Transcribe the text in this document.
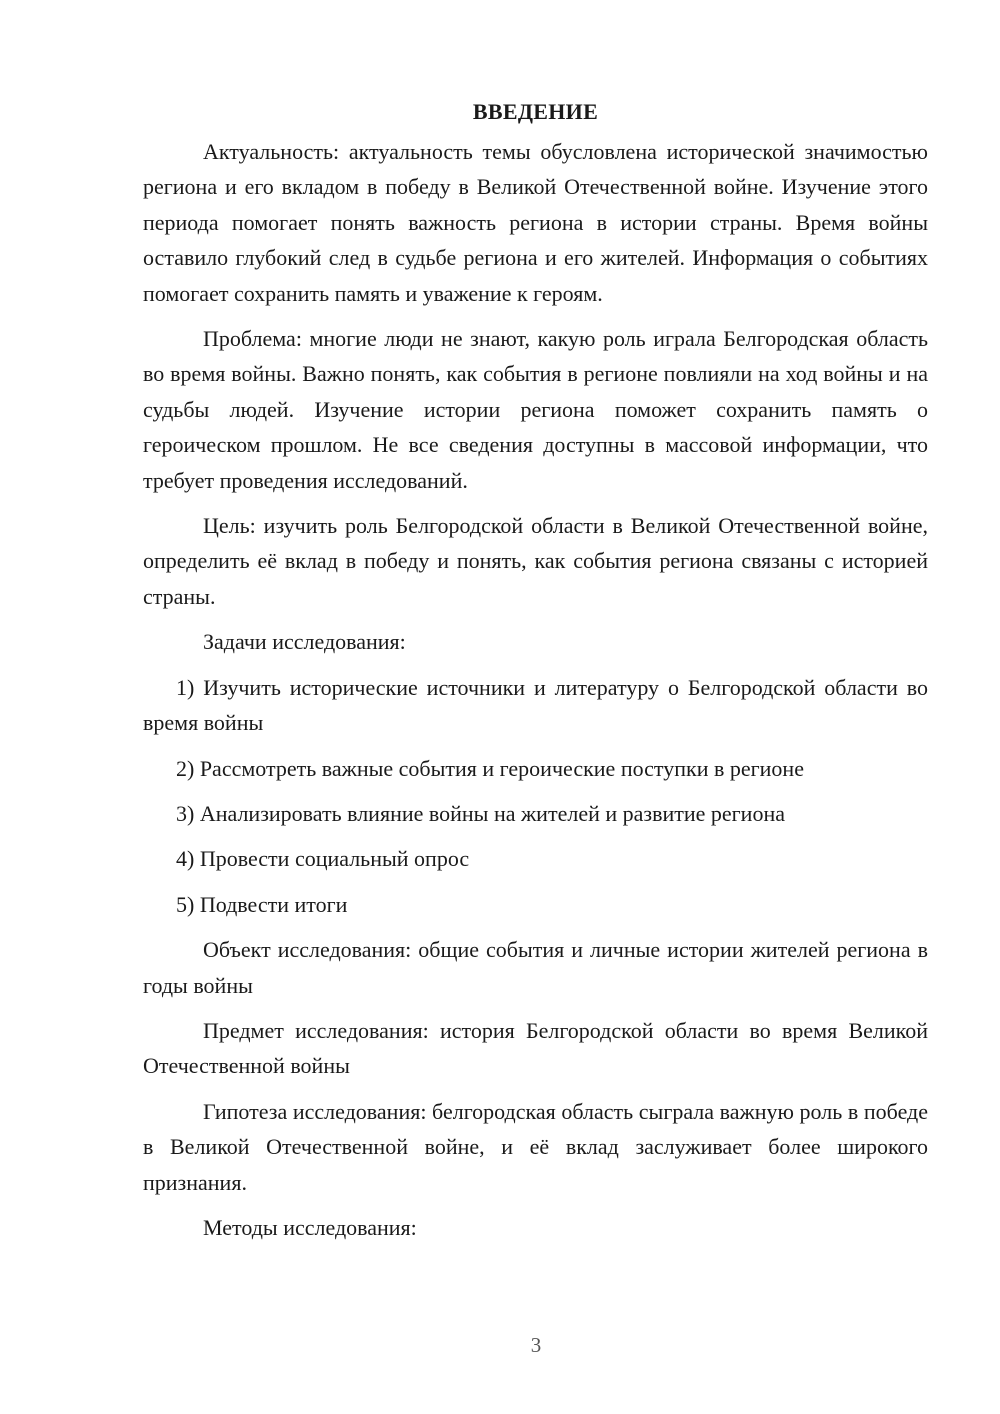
ВВЕДЕНИЕ

Актуальность: актуальность темы обусловлена исторической значимостью региона и его вкладом в победу в Великой Отечественной войне. Изучение этого периода помогает понять важность региона в истории страны. Время войны оставило глубокий след в судьбе региона и его жителей. Информация о событиях помогает сохранить память и уважение к героям.

Проблема: многие люди не знают, какую роль играла Белгородская область во время войны. Важно понять, как события в регионе повлияли на ход войны и на судьбы людей. Изучение истории региона поможет сохранить память о героическом прошлом. Не все сведения доступны в массовой информации, что требует проведения исследований.

Цель: изучить роль Белгородской области в Великой Отечественной войне, определить её вклад в победу и понять, как события региона связаны с историей страны.

Задачи исследования:

1) Изучить исторические источники и литературу о Белгородской области во время войны

2) Рассмотреть важные события и героические поступки в регионе

3) Анализировать влияние войны на жителей и развитие региона

4) Провести социальный опрос

5) Подвести итоги

Объект исследования: общие события и личные истории жителей региона в годы войны

Предмет исследования: история Белгородской области во время Великой Отечественной войны

Гипотеза исследования: белгородская область сыграла важную роль в победе в Великой Отечественной войне, и её вклад заслуживает более широкого признания.

Методы исследования:

3
